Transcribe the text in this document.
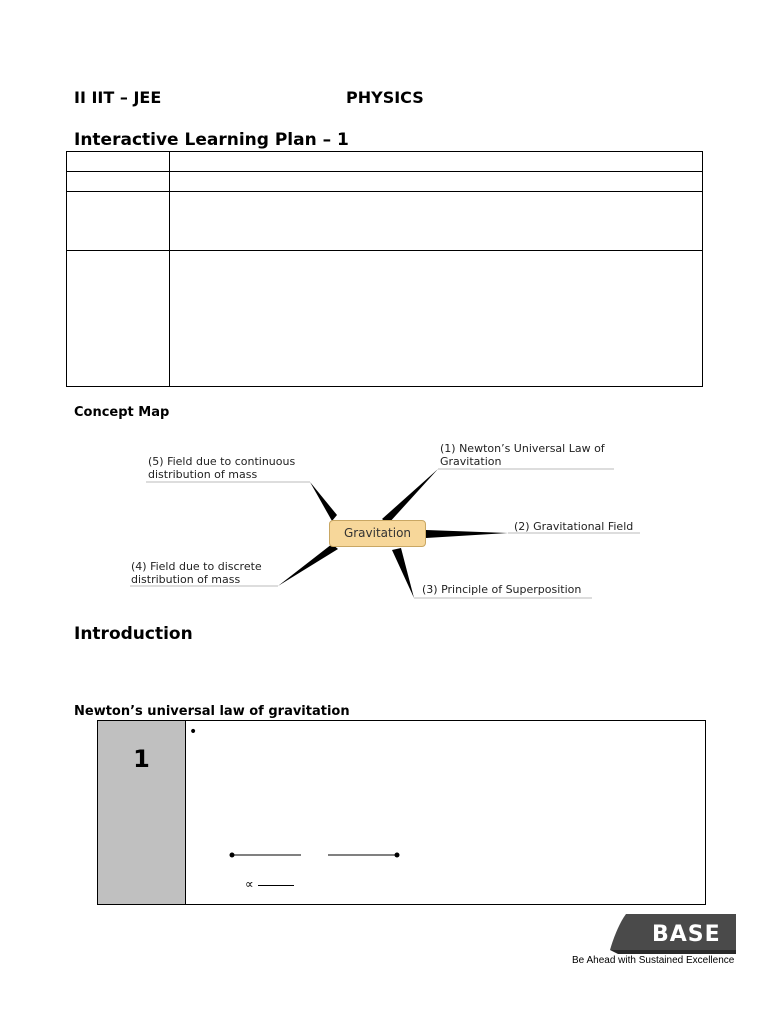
II IIT – JEE	PHYSICS
Interactive Learning Plan – 1

Concept Map
Gravitation
(1) Newton’s Universal Law of Gravitation
(2) Gravitational Field
(3) Principle of Superposition
(4) Field due to discrete distribution of mass
(5) Field due to continuous distribution of mass
Introduction
Newton’s universal law of gravitation
1
•
∝
BASE
Be Ahead with Sustained Excellence
